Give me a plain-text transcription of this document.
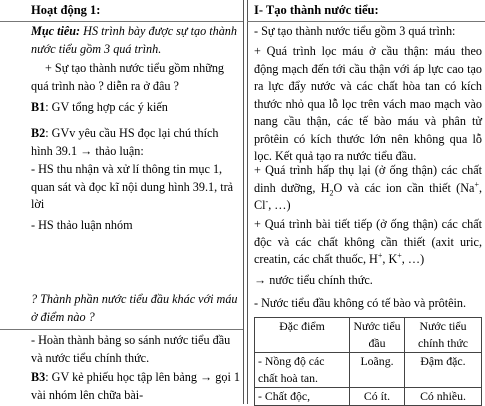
Hoạt động 1:

Mục tiêu: HS trình bày được sự tạo thành nước tiểu gồm 3 quá trình.

+ Sự tạo thành nước tiểu gồm những quá trình nào ? diễn ra ở đâu ?

B1: GV tổng hợp các ý kiến

B2: GVv yêu cầu HS đọc lại chú thích hình 39.1 → thảo luận:

- HS thu nhận và xử lí thông tin mục 1, quan sát và đọc kĩ nội dung hình 39.1, trả lời

- HS thảo luận nhóm

? Thành phần nước tiểu đầu khác với máu ở điểm nào ?

- Hoàn thành bảng so sánh nước tiểu đầu và nước tiểu chính thức.

B3: GV kẻ phiếu học tập lên bảng → gọi 1 vài nhóm lên chữa bài-

I- Tạo thành nước tiểu:

- Sự tạo thành nước tiểu gồm 3 quá trình:

+ Quá trình lọc máu ở cầu thận: máu theo động mạch đến tới cầu thận với áp lực cao tạo ra lực đẩy nước và các chất hòa tan có kích thước nhỏ qua lỗ lọc trên vách mao mạch vào nang cầu thận, các tế bào máu và phân tử prôtêin có kích thước lớn nên không qua lỗ lọc. Kết quả tạo ra nước tiểu đầu.

+ Quá trình hấp thụ lại (ở ống thận) các chất dinh dưỡng, $H_2O$ và các ion cần thiết (Na+, Cl-, …)

+ Quá trình bài tiết tiếp (ở ống thận) các chất độc và các chất không cần thiết (axit uric, creatin, các chất thuốc, H+, K+, …)

→ nước tiểu chính thức.

- Nước tiểu đầu không có tế bào và prôtêin.

Đặc điểm	Nước tiểu đầu	Nước tiểu chính thức
- Nồng độ các chất hoà tan.	Loãng.	Đậm đặc.
- Chất độc,	Có ít.	Có nhiều.
